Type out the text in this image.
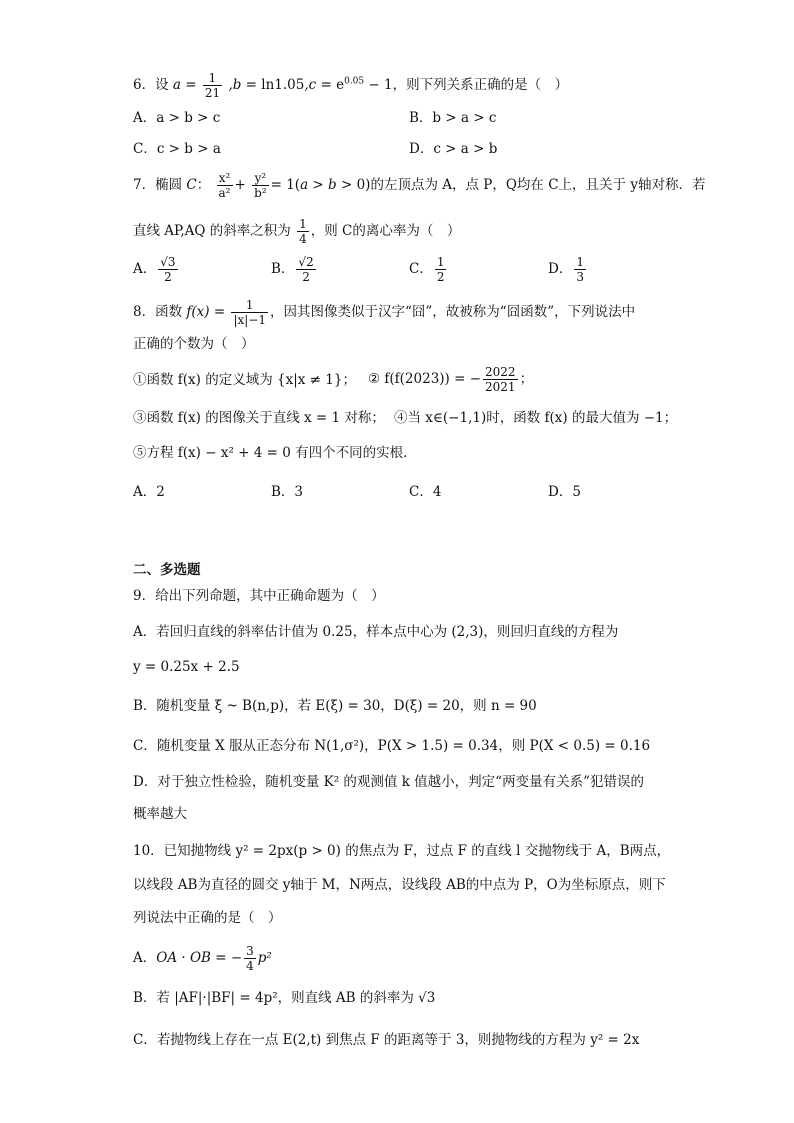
6．设 $a = \frac{1}{21} ,b = \ln 1.05,c = e^{0.05} - 1$，则下列关系正确的是（　）
A．a > b > c	B．b > a > c
C．c > b > a	D．c > a > b
7．椭圆 C： $\frac{\text{x²}}{\text{a²}} + \frac{\text{y²}}{\text{b²}} = 1(a > b > 0)$的左顶点为 A，点 P，Q均在 C上，且关于 y轴对称．若
直线 AP,AQ 的斜率之积为 $\frac{1}{4}$ ，则 C的离心率为（　）
A． $\frac{√3}{2}$	B． $\frac{√2}{2}$	C． $\frac{1}{2}$	D． $\frac{1}{3}$
8．函数 $f(x) = \frac{1}{|x|-1}$ ，因其图像类似于汉字“囧”，故被称为“囧函数”，下列说法中
正确的个数为（　）
①函数 f(x) 的定义域为 {x|x ≠ 1}； ② f(f(2023)) = − $\frac{2022}{2021}$ ；
③函数 f(x) 的图像关于直线 x = 1 对称； ④当 x∈(−1,1)时，函数 f(x) 的最大值为 −1；
⑤方程 f(x) − x² + 4 = 0 有四个不同的实根．
A．2	B．3	C．4	D．5
二、多选题
9．给出下列命题，其中正确命题为（　）
A．若回归直线的斜率估计值为 0.25，样本点中心为 (2,3)，则回归直线的方程为
y = 0.25x + 2.5
B．随机变量 ξ ~ B(n,p)，若 E(ξ) = 30，D(ξ) = 20，则 n = 90
C．随机变量 X 服从正态分布 N(1,σ²)，P(X > 1.5) = 0.34，则 P(X < 0.5) = 0.16
D．对于独立性检验，随机变量 K² 的观测值 k 值越小，判定“两变量有关系”犯错误的
概率越大
10．已知抛物线 y² = 2px(p > 0) 的焦点为 F，过点 F 的直线 l 交抛物线于 A，B两点，
以线段 AB为直径的圆交 y轴于 M，N两点，设线段 AB的中点为 P，O为坐标原点，则下
列说法中正确的是（　）
A．OA · OB = − $\frac{3}{4} p^2$
B．若 |AF|·|BF| = 4p²，则直线 AB 的斜率为 √3
C．若抛物线上存在一点 E(2,t) 到焦点 F 的距离等于 3，则抛物线的方程为 y² = 2x
